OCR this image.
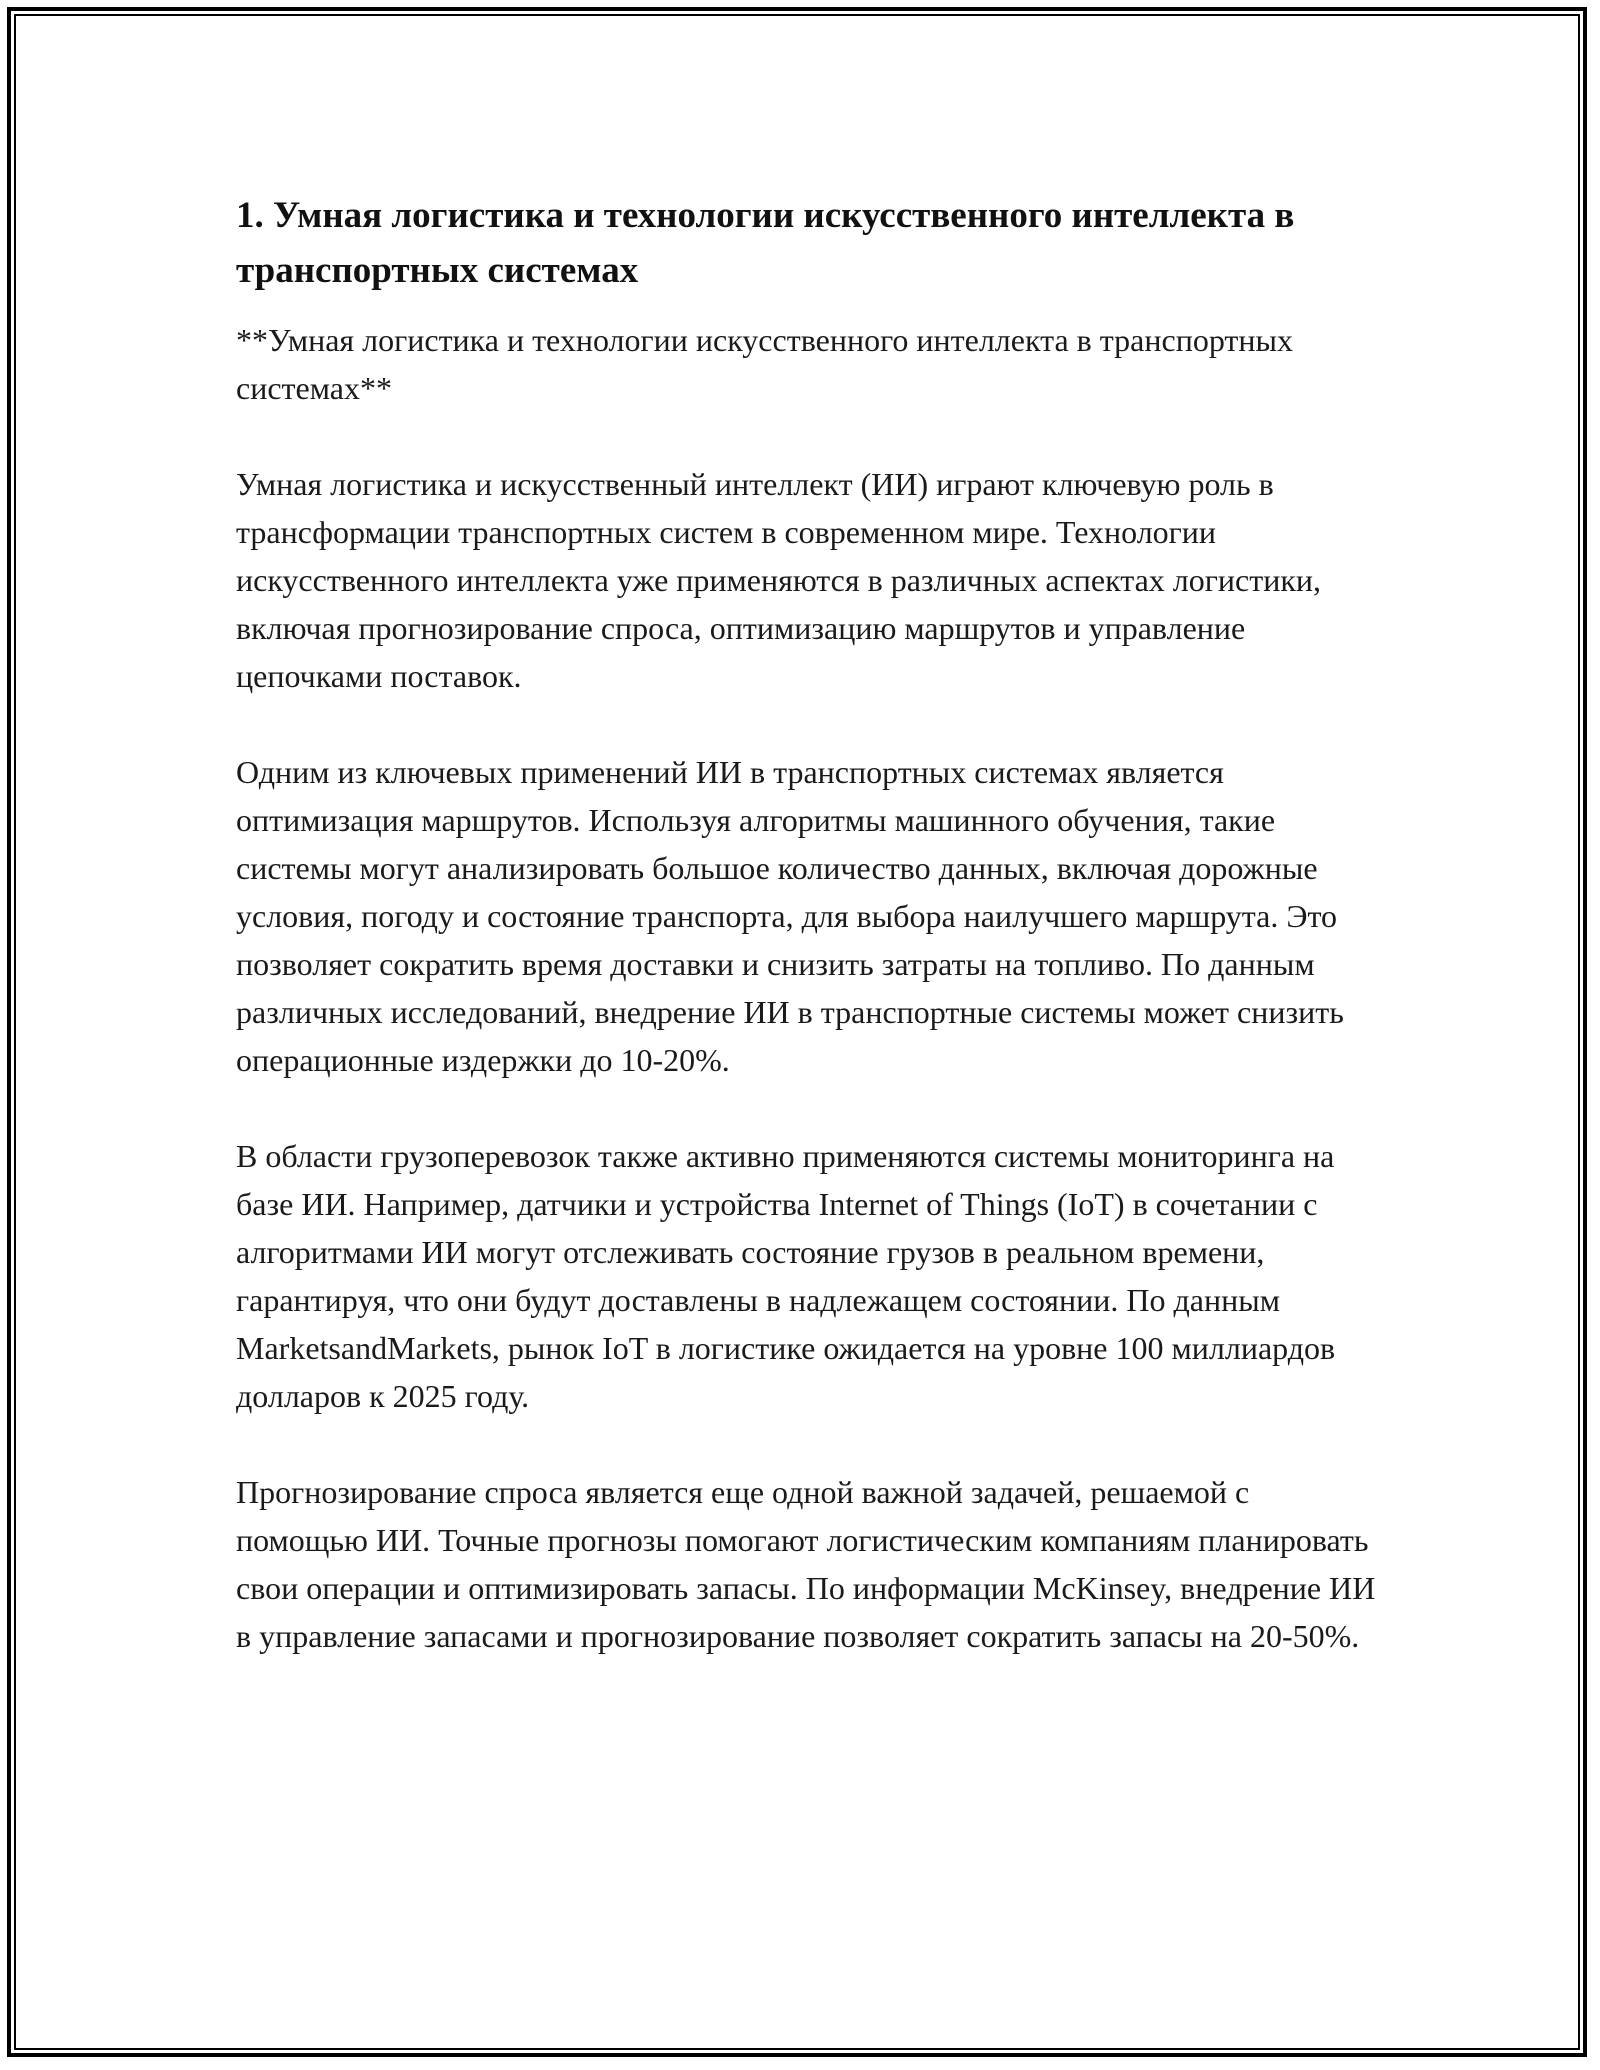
1. Умная логистика и технологии искусственного интеллекта в транспортных системах

**Умная логистика и технологии искусственного интеллекта в транспортных системах**

Умная логистика и искусственный интеллект (ИИ) играют ключевую роль в трансформации транспортных систем в современном мире. Технологии искусственного интеллекта уже применяются в различных аспектах логистики, включая прогнозирование спроса, оптимизацию маршрутов и управление цепочками поставок.

Одним из ключевых применений ИИ в транспортных системах является оптимизация маршрутов. Используя алгоритмы машинного обучения, такие системы могут анализировать большое количество данных, включая дорожные условия, погоду и состояние транспорта, для выбора наилучшего маршрута. Это позволяет сократить время доставки и снизить затраты на топливо. По данным различных исследований, внедрение ИИ в транспортные системы может снизить операционные издержки до 10-20%.

В области грузоперевозок также активно применяются системы мониторинга на базе ИИ. Например, датчики и устройства Internet of Things (IoT) в сочетании с алгоритмами ИИ могут отслеживать состояние грузов в реальном времени, гарантируя, что они будут доставлены в надлежащем состоянии. По данным MarketsandMarkets, рынок IoT в логистике ожидается на уровне 100 миллиардов долларов к 2025 году.

Прогнозирование спроса является еще одной важной задачей, решаемой с помощью ИИ. Точные прогнозы помогают логистическим компаниям планировать свои операции и оптимизировать запасы. По информации McKinsey, внедрение ИИ в управление запасами и прогнозирование позволяет сократить запасы на 20-50%.
